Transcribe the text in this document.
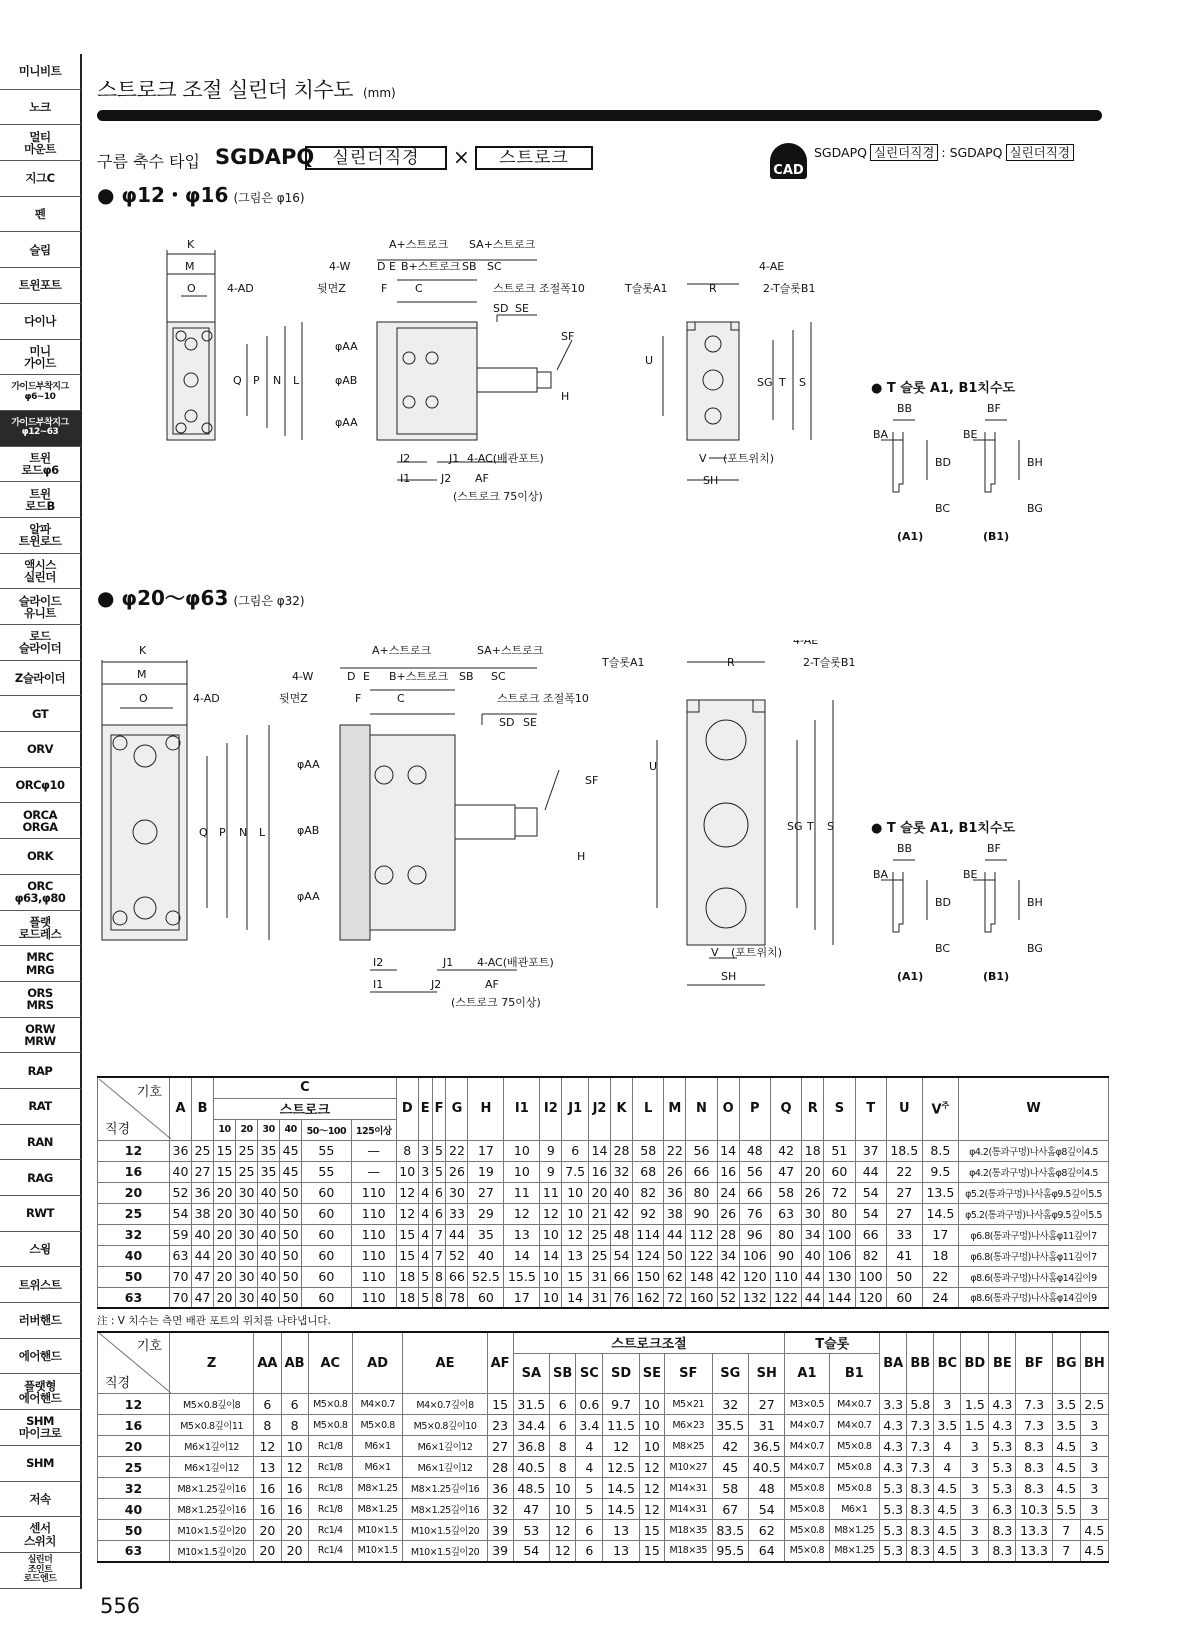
미니비트
노크
멀티
마운트
지그C
펜
슬림
트윈포트
다이나
미니
가이드
가이드부착지그
φ6~10
가이드부착지그
φ12~63
트윈
로드φ6
트윈
로드B
알파
트윈로드
액시스
실린더
슬라이드
유니트
로드
슬라이더
Z슬라이더
GT
ORV
ORCφ10
ORCA
ORGA
ORK
ORC
φ63,φ80
플랫
로드레스
MRC
MRG
ORS
MRS
ORW
MRW
RAP
RAT
RAN
RAG
RWT
스윙
트위스트
러버핸드
에어핸드
플랫형
에어핸드
SHM
마이크로
SHM
저속
센서
스위치
실린더
조인트
로드엔드
스트로크 조절 실린더 치수도 (mm)
구름 축수 타입 SGDAPQ	실린더직경	×	스트로크
CAD
SGDAPQ 실린더직경 : SGDAPQ 실린더직경
● φ12・φ16 (그림은 φ16)
K
M
O	4-AD
Q P N L
A+스트로크 SA+스트로크
4-W D E B+스트로크 SB SC
뒷면Z	F	C	스트로크 조절폭10
SD SE
SF
φAA
φAB
φAA
H
I2
I1
J1
J2
4-AC(배관포트)
AF
(스트로크 75이상)
T슬롯A1	R
4-AE
2-T슬롯B1
U
SG T S
V (포트위치)
SH
● T 슬롯 A1, B1치수도
BB	BF
BA	BE
BD	BH
BC	BG
(A1)	(B1)
● φ20～φ63 (그림은 φ32)
K
M
O	4-AD
Q P N L
A+스트로크	SA+스트로크
4-W	D E B+스트로크 SB SC
뒷면Z	F	C	스트로크 조절폭10
SD SE
SF
φAA
φAB
φAA
H
I2
I1
J1
J2
4-AC(배관포트)
AF
(스트로크 75이상)
T슬롯A1	R
4-AE
2-T슬롯B1
U
SG T S
V (포트위치)
SH
● T 슬롯 A1, B1치수도
BB	BF
BA	BE
BD	BH
BC	BG
(A1)	(B1)
기호
직경	A	B	C						D	E	F	G	H	I1	I2	J1	J2	K	L	M	N	O	P	Q	R	S	T	U	$V^주$	W
			스트로크																											
			10	20	30	40	50～100	125이상																						
12	36	25	15	25	35	45	55	—	8	3	5	22	17	10	9	6	14	28	58	22	56	14	48	42	18	51	37	18.5	8.5	φ4.2(통과구멍)나사홈φ8깊이4.5
16	40	27	15	25	35	45	55	—	10	3	5	26	19	10	9	7.5	16	32	68	26	66	16	56	47	20	60	44	22	9.5	φ4.2(통과구멍)나사홈φ8깊이4.5
20	52	36	20	30	40	50	60	110	12	4	6	30	27	11	11	10	20	40	82	36	80	24	66	58	26	72	54	27	13.5	φ5.2(통과구멍)나사홈φ9.5깊이5.5
25	54	38	20	30	40	50	60	110	12	4	6	33	29	12	12	10	21	42	92	38	90	26	76	63	30	80	54	27	14.5	φ5.2(통과구멍)나사홈φ9.5깊이5.5
32	59	40	20	30	40	50	60	110	15	4	7	44	35	13	10	12	25	48	114	44	112	28	96	80	34	100	66	33	17	φ6.8(통과구멍)나사홈φ11깊이7
40	63	44	20	30	40	50	60	110	15	4	7	52	40	14	14	13	25	54	124	50	122	34	106	90	40	106	82	41	18	φ6.8(통과구멍)나사홈φ11깊이7
50	70	47	20	30	40	50	60	110	18	5	8	66	52.5	15.5	10	15	31	66	150	62	148	42	120	110	44	130	100	50	22	φ8.6(통과구멍)나사홈φ14깊이9
63	70	47	20	30	40	50	60	110	18	5	8	78	60	17	10	14	31	76	162	72	160	52	132	122	44	144	120	60	24	φ8.6(통과구멍)나사홈φ14깊이9
注 : V 치수는 측면 배관 포트의 위치를 나타냅니다.
기호
직경	Z	AA	AB	AC	AD	AE	AF	스트로크조절								T슬롯		BA	BB	BC	BD	BE	BF	BG	BH
								SA	SB	SC	SD	SE	SF	SG	SH	A1	B1								

12	M5×0.8깊이8	6	6	M5×0.8	M4×0.7	M4×0.7깊이8	15	31.5	6	0.6	9.7	10	M5×21	32	27	M3×0.5	M4×0.7	3.3	5.8	3	1.5	4.3	7.3	3.5	2.5
16	M5×0.8깊이11	8	8	M5×0.8	M5×0.8	M5×0.8깊이10	23	34.4	6	3.4	11.5	10	M6×23	35.5	31	M4×0.7	M4×0.7	4.3	7.3	3.5	1.5	4.3	7.3	3.5	3
20	M6×1깊이12	12	10	Rc1/8	M6×1	M6×1깊이12	27	36.8	8	4	12	10	M8×25	42	36.5	M4×0.7	M5×0.8	4.3	7.3	4	3	5.3	8.3	4.5	3
25	M6×1깊이12	13	12	Rc1/8	M6×1	M6×1깊이12	28	40.5	8	4	12.5	12	M10×27	45	40.5	M4×0.7	M5×0.8	4.3	7.3	4	3	5.3	8.3	4.5	3
32	M8×1.25깊이16	16	16	Rc1/8	M8×1.25	M8×1.25깊이16	36	48.5	10	5	14.5	12	M14×31	58	48	M5×0.8	M5×0.8	5.3	8.3	4.5	3	5.3	8.3	4.5	3
40	M8×1.25깊이16	16	16	Rc1/8	M8×1.25	M8×1.25깊이16	32	47	10	5	14.5	12	M14×31	67	54	M5×0.8	M6×1	5.3	8.3	4.5	3	6.3	10.3	5.5	3
50	M10×1.5깊이20	20	20	Rc1/4	M10×1.5	M10×1.5깊이20	39	53	12	6	13	15	M18×35	83.5	62	M5×0.8	M8×1.25	5.3	8.3	4.5	3	8.3	13.3	7	4.5
63	M10×1.5깊이20	20	20	Rc1/4	M10×1.5	M10×1.5깊이20	39	54	12	6	13	15	M18×35	95.5	64	M5×0.8	M8×1.25	5.3	8.3	4.5	3	8.3	13.3	7	4.5
556
